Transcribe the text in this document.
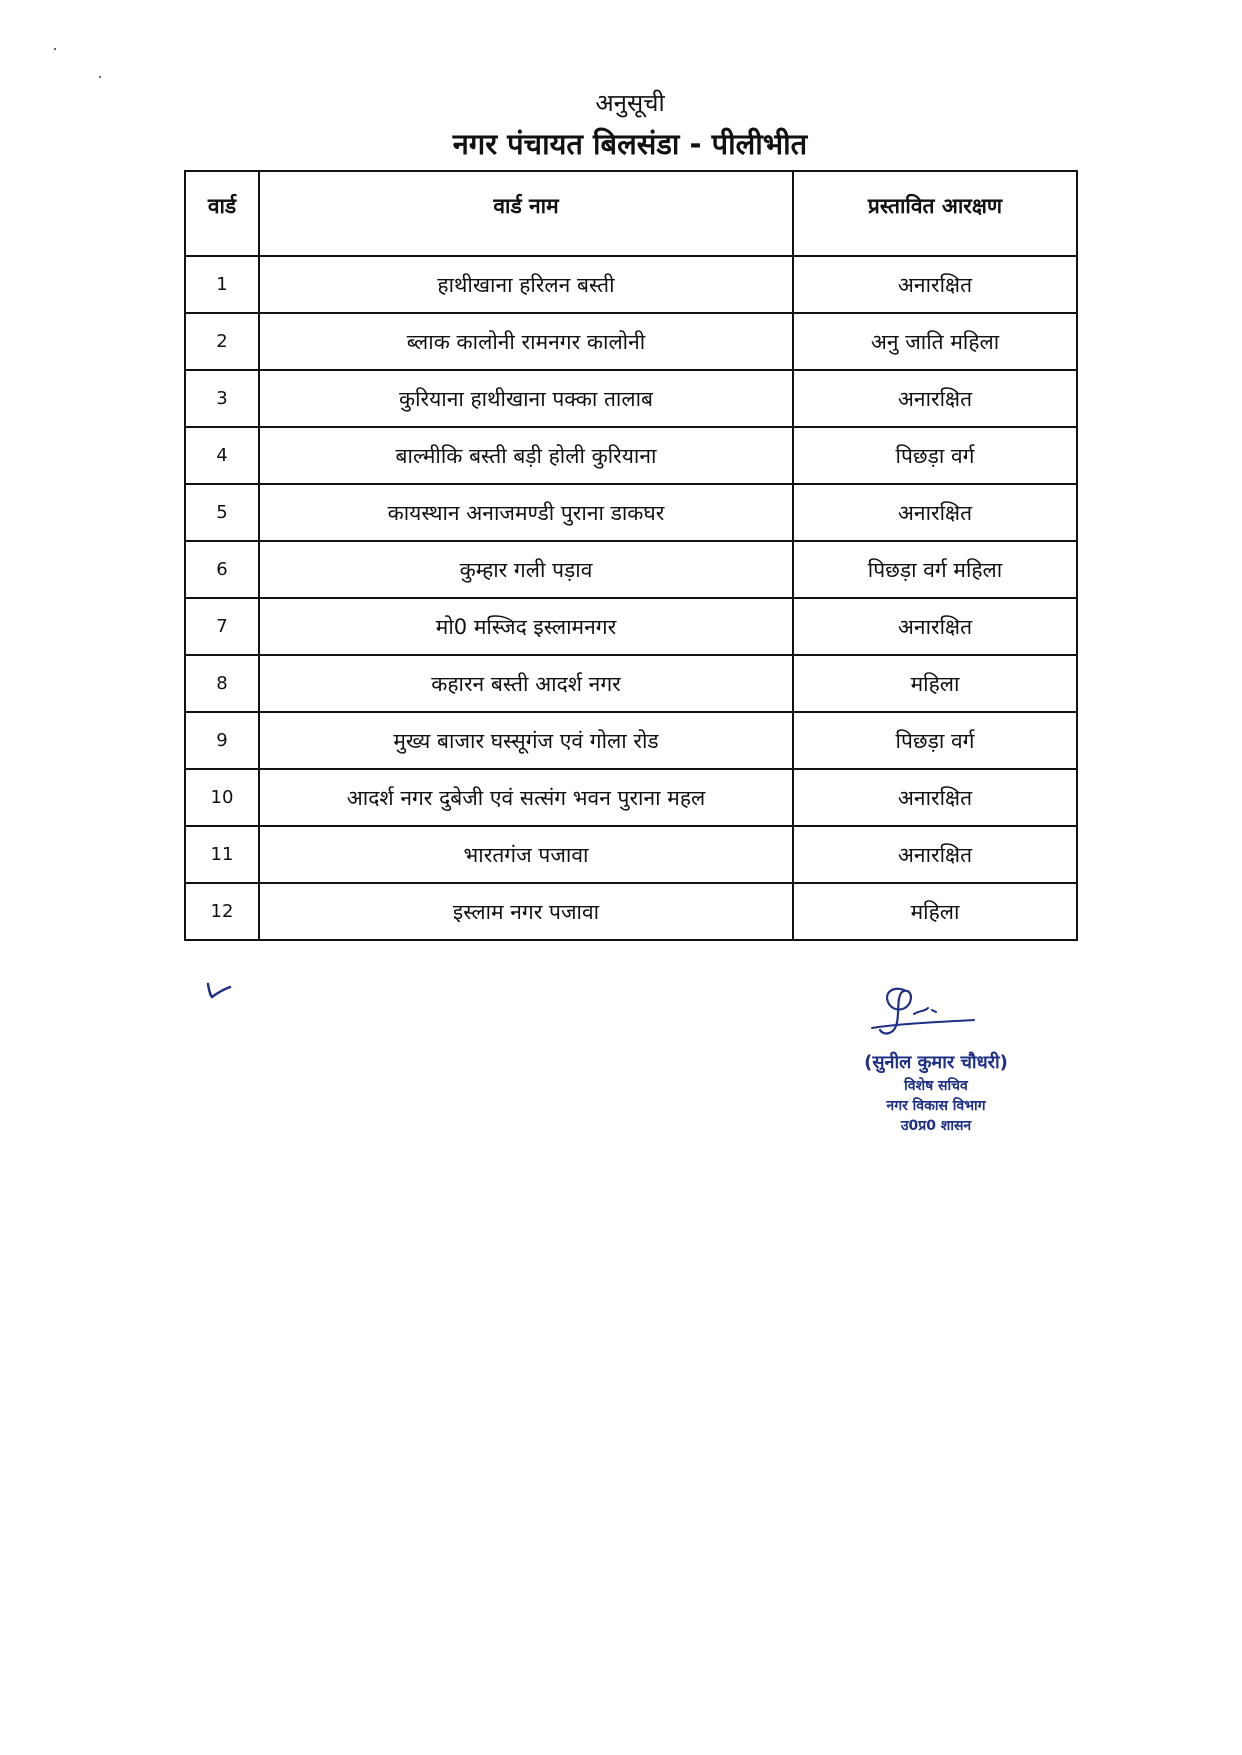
अनुसूची
नगर पंचायत बिलसंडा - पीलीभीत
वार्ड	वार्ड नाम	प्रस्तावित आरक्षण
1	हाथीखाना हरिलन बस्ती	अनारक्षित
2	ब्लाक कालोनी रामनगर कालोनी	अनु जाति महिला
3	कुरियाना हाथीखाना पक्का तालाब	अनारक्षित
4	बाल्मीकि बस्ती बड़ी होली कुरियाना	पिछड़ा वर्ग
5	कायस्थान अनाजमण्डी पुराना डाकघर	अनारक्षित
6	कुम्हार गली पड़ाव	पिछड़ा वर्ग महिला
7	मो0 मस्जिद इस्लामनगर	अनारक्षित
8	कहारन बस्ती आदर्श नगर	महिला
9	मुख्य बाजार घस्सूगंज एवं गोला रोड	पिछड़ा वर्ग
10	आदर्श नगर दुबेजी एवं सत्संग भवन पुराना महल	अनारक्षित
11	भारतगंज पजावा	अनारक्षित
12	इस्लाम नगर पजावा	महिला
(सुनील कुमार चौधरी)
विशेष सचिव
नगर विकास विभाग
उ0प्र0 शासन
